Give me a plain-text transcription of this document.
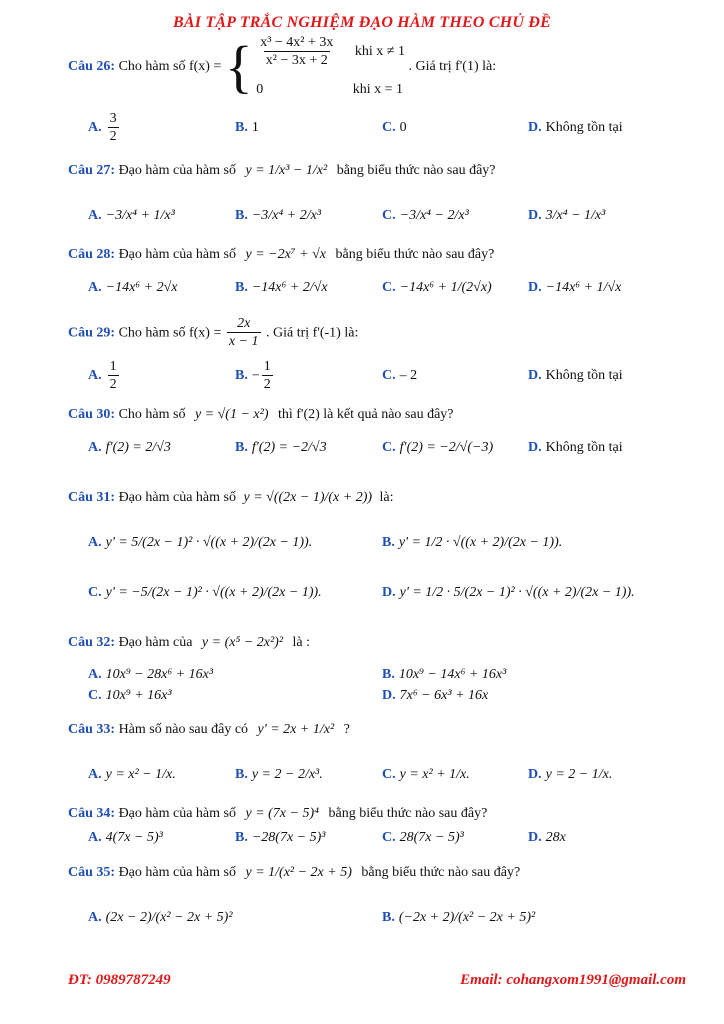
BÀI TẬP TRẮC NGHIỆM ĐẠO HÀM THEO CHỦ ĐỀ
Câu 26: Cho hàm số f(x) = { $\frac{\text{x³ − 4x² + 3x}}{\text{x² − 3x + 2}}$ khi x ≠ 1
0	khi x = 1
. Giá trị f'(1) là:
A. $\frac{3}{2}$	B. 1	C. 0	D. Không tồn tại
Câu 27: Đạo hàm của hàm số y = 1/x³ − 1/x² bằng biểu thức nào sau đây?
A. −3/x⁴ + 1/x³	B. −3/x⁴ + 2/x³	C. −3/x⁴ − 2/x³	D. 3/x⁴ − 1/x³
Câu 28: Đạo hàm của hàm số y = −2x⁷ + √x bằng biểu thức nào sau đây?
A. −14x⁶ + 2√x	B. −14x⁶ + 2/√x	C. −14x⁶ + 1/(2√x)	D. −14x⁶ + 1/√x
Câu 29: Cho hàm số $f(x) = \frac{2x}{x - 1}$ . Giá trị f'(-1) là:
A. $\frac{1}{2}$	B. − $\frac{1}{2}$	C. – 2	D. Không tồn tại
Câu 30: Cho hàm số y = √(1 − x²) thì f'(2) là kết quả nào sau đây?
A. f′(2) = 2/√3	B. f′(2) = −2/√3	C. f′(2) = −2/√(−3) D. Không tồn tại
Câu 31: Đạo hàm của hàm số y = √((2x − 1)/(x + 2)) là:
A. y' = 5/(2x − 1)² · √((x + 2)/(2x − 1)).	B. y' = 1/2 · √((x + 2)/(2x − 1)).
C. y' = −5/(2x − 1)² · √((x + 2)/(2x − 1)).	D. y' = 1/2 · 5/(2x − 1)² · √((x + 2)/(2x − 1)).
Câu 32: Đạo hàm của y = (x⁵ − 2x²)² là :
A. 10x⁹ − 28x⁶ + 16x³	B. 10x⁹ − 14x⁶ + 16x³
C. 10x⁹ + 16x³	D. 7x⁶ − 6x³ + 16x
Câu 33: Hàm số nào sau đây có y' = 2x + 1/x² ?
A. y = x² − 1/x.	B. y = 2 − 2/x³.	C. y = x² + 1/x.	D. y = 2 − 1/x.
Câu 34: Đạo hàm của hàm số y = (7x − 5)⁴ bằng biểu thức nào sau đây?
A. 4(7x − 5)³	B. −28(7x − 5)³	C. 28(7x − 5)³	D. 28x
Câu 35: Đạo hàm của hàm số y = 1/(x² − 2x + 5) bằng biểu thức nào sau đây?
A. (2x − 2)/(x² − 2x + 5)²	B. (−2x + 2)/(x² − 2x + 5)²
ĐT: 0989787249	Email: cohangxom1991@gmail.com
